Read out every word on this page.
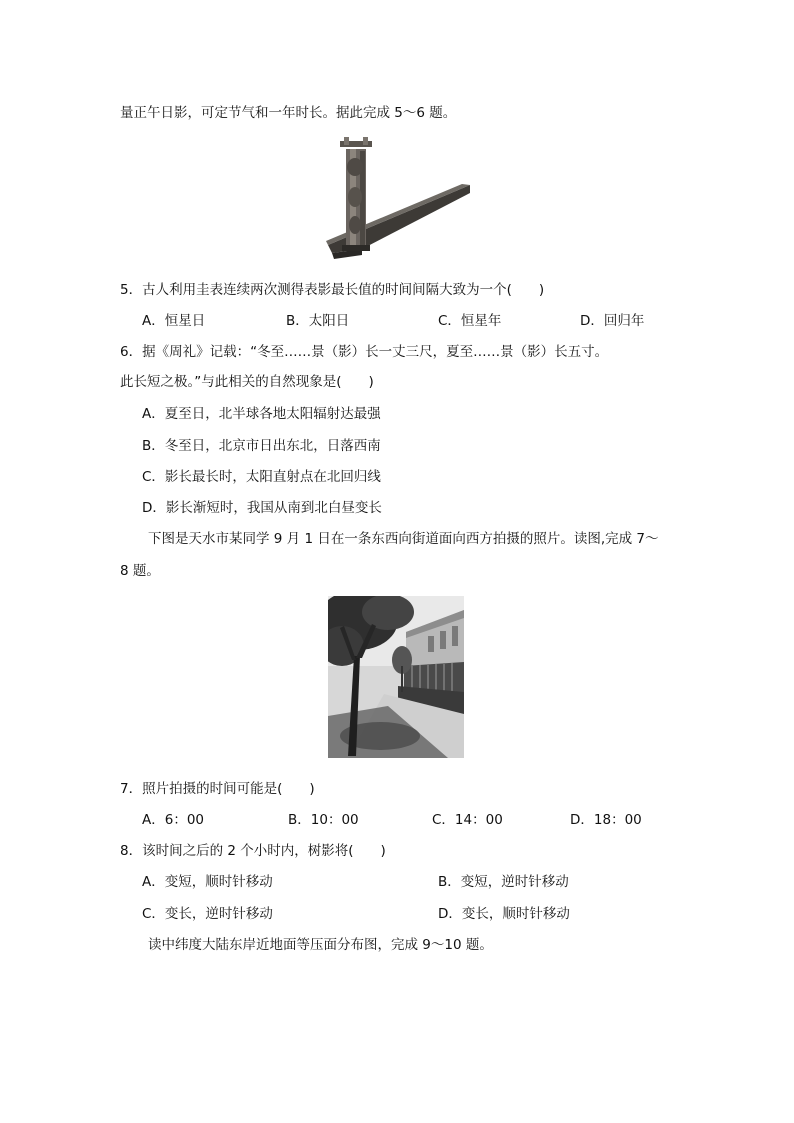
量正午日影，可定节气和一年时长。据此完成 5～6 题。
5．古人利用圭表连续两次测得表影最长值的时间间隔大致为一个(　　)
A．恒星日	B．太阳日	C．恒星年	D．回归年
6．据《周礼》记载：“冬至……景（影）长一丈三尺，夏至……景（影）长五寸。
此长短之极。”与此相关的自然现象是(　　)
A．夏至日，北半球各地太阳辐射达最强
B．冬至日，北京市日出东北，日落西南
C．影长最长时，太阳直射点在北回归线
D．影长渐短时，我国从南到北白昼变长
下图是天水市某同学 9 月 1 日在一条东西向街道面向西方拍摄的照片。读图,完成 7～
8 题。
7．照片拍摄的时间可能是(　　)
A．6：00	B．10：00	C．14：00	D．18：00
8．该时间之后的 2 个小时内，树影将(　　)
A．变短，顺时针移动	B．变短，逆时针移动
C．变长，逆时针移动	D．变长，顺时针移动
读中纬度大陆东岸近地面等压面分布图，完成 9～10 题。
